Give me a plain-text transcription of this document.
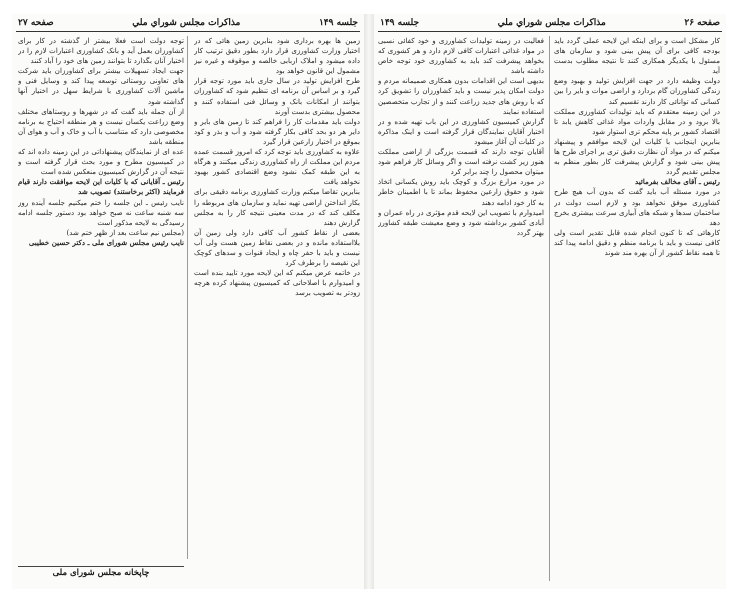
جلسه ۱۴۹
مذاكرات مجلس شوراي ملي
صفحه ۲۷

زمین ها بهره برداری شود بنابرین زمین هائی که در اختیار وزارت کشاورزی قرار دارد بطور دقیق ترتیب کار داده میشود و املاک اربابی خالصه و موقوفه و غیره نیز مشمول این قانون خواهد بود

طرح افزایش تولید در سال جاری باید مورد توجه قرار گیرد و بر اساس آن برنامه ای تنظیم شود که کشاورزان بتوانند از امکانات بانک و وسائل فنی استفاده کنند و محصول بیشتری بدست آورند

دولت باید مقدمات کار را فراهم کند تا زمین های بایر و دایر هر دو بحد کافی بکار گرفته شود و آب و بذر و کود بموقع در اختیار زارعین قرار گیرد

علاوه به کشاورزی باید توجه کرد که امروز قسمت عمده مردم این مملکت از راه کشاورزی زندگی میکنند و هرگاه به این طبقه کمک نشود وضع اقتصادی کشور بهبود نخواهد یافت

بنابرین تقاضا میکنم وزارت کشاورزی برنامه دقیقی برای بکار انداختن اراضی تهیه نماید و سازمان های مربوطه را مکلف کند که در مدت معینی نتیجه کار را به مجلس گزارش دهند

بعضی از نقاط کشور آب کافی دارد ولی زمین آن بلااستفاده مانده و در بعضی نقاط زمین هست ولی آب نیست و باید با حفر چاه و ایجاد قنوات و سدهای کوچک این نقیصه را برطرف کرد

در خاتمه عرض میکنم که این لایحه مورد تایید بنده است و امیدوارم با اصلاحاتی که کمیسیون پیشنهاد کرده هرچه زودتر به تصویب برسد

توجه دولت است فعلا بیشتر از گذشته در کار برای کشاورزان بعمل آید و بانک کشاورزی اعتبارات لازم را در اختیار آنان بگذارد تا بتوانند زمین های خود را آباد کنند

جهت ایجاد تسهیلات بیشتر برای کشاورزان باید شرکت های تعاونی روستائی توسعه پیدا کند و وسایل فنی و ماشین آلات کشاورزی با شرایط سهل در اختیار آنها گذاشته شود

از آن جمله باید گفت که در شهرها و روستاهای مختلف وضع زراعت یکسان نیست و هر منطقه احتیاج به برنامه مخصوصی دارد که متناسب با آب و خاک و آب و هوای آن منطقه باشد

عده ای از نمایندگان پیشنهاداتی در این زمینه داده اند که در کمیسیون مطرح و مورد بحث قرار گرفته است و نتیجه آن در گزارش کمیسیون منعکس شده است

رئیس ـ آقایانی که با کلیات این لایحه موافقت دارند قیام فرمایند (اکثر برخاستند) تصویب شد

نایب رئیس ـ این جلسه را ختم میکنیم جلسه آینده روز سه شنبه ساعت نه صبح خواهد بود دستور جلسه ادامه رسیدگی به لایحه مذکور است

(مجلس نیم ساعت بعد از ظهر ختم شد)

نایب رئیس مجلس شورای ملی ـ دکتر حسین خطیبی

چاپخانه مجلس شورای ملی
صفحه ۲۶
مذاكرات مجلس شوراي ملي
جلسه ۱۴۹

کار مشکل است و برای اینکه این لایحه عملی گردد باید بودجه کافی برای آن پیش بینی شود و سازمان های مسئول با یکدیگر همکاری کنند تا نتیجه مطلوب بدست آید

دولت وظیفه دارد در جهت افزایش تولید و بهبود وضع زندگی کشاورزان گام بردارد و اراضی موات و بایر را بین کسانی که توانائی کار دارند تقسیم کند

در این زمینه معتقدم که باید تولیدات کشاورزی مملکت بالا برود و در مقابل واردات مواد غذائی کاهش یابد تا اقتصاد کشور بر پایه محکم تری استوار شود

بنابرین اینجانب با کلیات این لایحه موافقم و پیشنهاد میکنم که در مواد آن نظارت دقیق تری بر اجرای طرح ها پیش بینی شود و گزارش پیشرفت کار بطور منظم به مجلس تقدیم گردد

رئیس ـ آقای مخالف بفرمائید

در مورد مسئله آب باید گفت که بدون آب هیچ طرح کشاورزی موفق نخواهد بود و لازم است دولت در ساختمان سدها و شبکه های آبیاری سرعت بیشتری بخرج دهد

کارهائی که تا کنون انجام شده قابل تقدیر است ولی کافی نیست و باید با برنامه منظم و دقیق ادامه پیدا کند تا همه نقاط کشور از آن بهره مند شوند

فعالیت در زمینه تولیدات کشاورزی و خود کفائی نسبی در مواد غذائی اعتبارات کافی لازم دارد و هر کشوری که بخواهد پیشرفت کند باید به کشاورزی خود توجه خاص داشته باشد

بدیهی است این اقدامات بدون همکاری صمیمانه مردم و دولت امکان پذیر نیست و باید کشاورزان را تشویق کرد که با روش های جدید زراعت کنند و از تجارب متخصصین استفاده نمایند

گزارش کمیسیون کشاورزی در این باب تهیه شده و در اختیار آقایان نمایندگان قرار گرفته است و اینک مذاکره در کلیات آن آغاز میشود

آقایان توجه دارند که قسمت بزرگی از اراضی مملکت هنوز زیر کشت نرفته است و اگر وسائل کار فراهم شود میتوان محصول را چند برابر کرد

در مورد مزارع بزرگ و کوچک باید روش یکسانی اتخاذ شود و حقوق زارعین محفوظ بماند تا با اطمینان خاطر به کار خود ادامه دهند

امیدوارم با تصویب این لایحه قدم مؤثری در راه عمران و آبادی کشور برداشته شود و وضع معیشت طبقه کشاورز بهتر گردد
